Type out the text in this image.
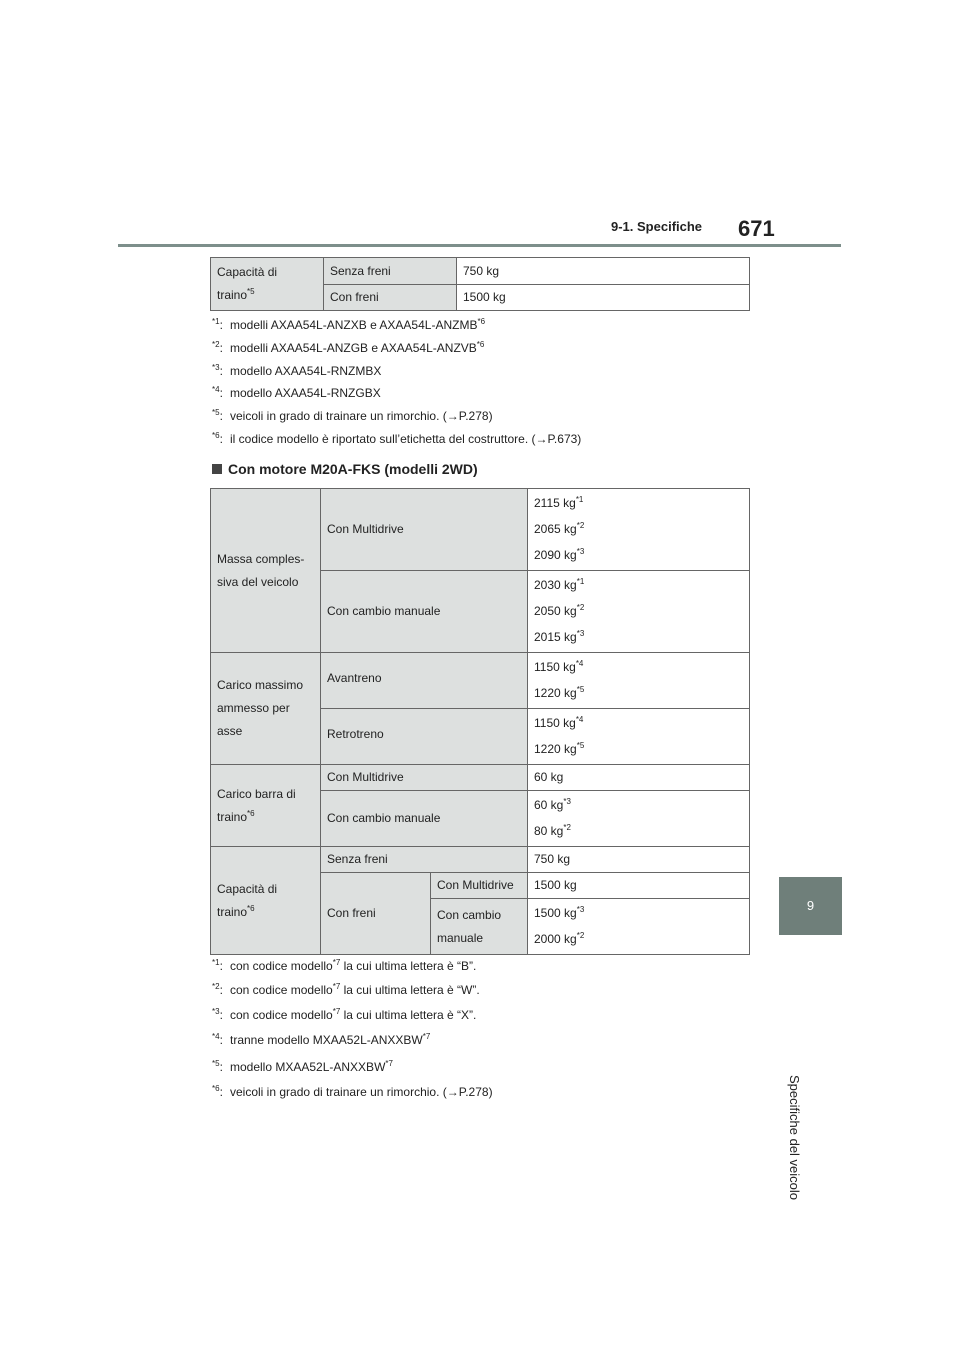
9-1. Specifiche 671
9
Specifiche del veicolo
Capacità di traino$^{*5}$	Senza freni	750 kg
	Con freni	1500 kg
$^{*1}$: modelli AXAA54L-ANZXB e AXAA54L-ANZMB$^{*6}$
$^{*2}$: modelli AXAA54L-ANZGB e AXAA54L-ANZVB$^{*6}$
$^{*3}$: modello AXAA54L-RNZMBX
$^{*4}$: modello AXAA54L-RNZGBX
$^{*5}$: veicoli in grado di trainare un rimorchio. (→P.278)
$^{*6}$: il codice modello è riportato sull’etichetta del costruttore. (→P.673)
Con motore M20A-FKS (modelli 2WD)
Massa comples-
siva del veicolo	Con Multidrive		2115 $kg^{*1}$
2065 $kg^{*2}$
2090 $kg^{*3}$

	Con cambio manuale		2030 $kg^{*1}$
2050 $kg^{*2}$
2015 $kg^{*3}$

Carico massimo
ammesso per
asse	Avantreno		1150 $kg^{*4}$
1220 $kg^{*5}$

	Retrotreno		1150 $kg^{*4}$
1220 $kg^{*5}$

Carico barra di
traino$^{*6}$	Con Multidrive		60 kg
	Con cambio manuale		60 $kg^{*3}$
80 $kg^{*2}$

Capacità di
traino$^{*6}$	Senza freni		750 kg
	Con freni	Con Multidrive	1500 kg

		Con cambio
manuale	1500 $kg^{*3}$
2000 $kg^{*2}$
$^{*1}$: con codice modello$^{*7}$ la cui ultima lettera è “B”.
$^{*2}$: con codice modello$^{*7}$ la cui ultima lettera è “W”.
$^{*3}$: con codice modello$^{*7}$ la cui ultima lettera è “X”.
$^{*4}$: tranne modello MXAA52L-ANXXBW$^{*7}$
$^{*5}$: modello MXAA52L-ANXXBW$^{*7}$
$^{*6}$: veicoli in grado di trainare un rimorchio. (→P.278)
